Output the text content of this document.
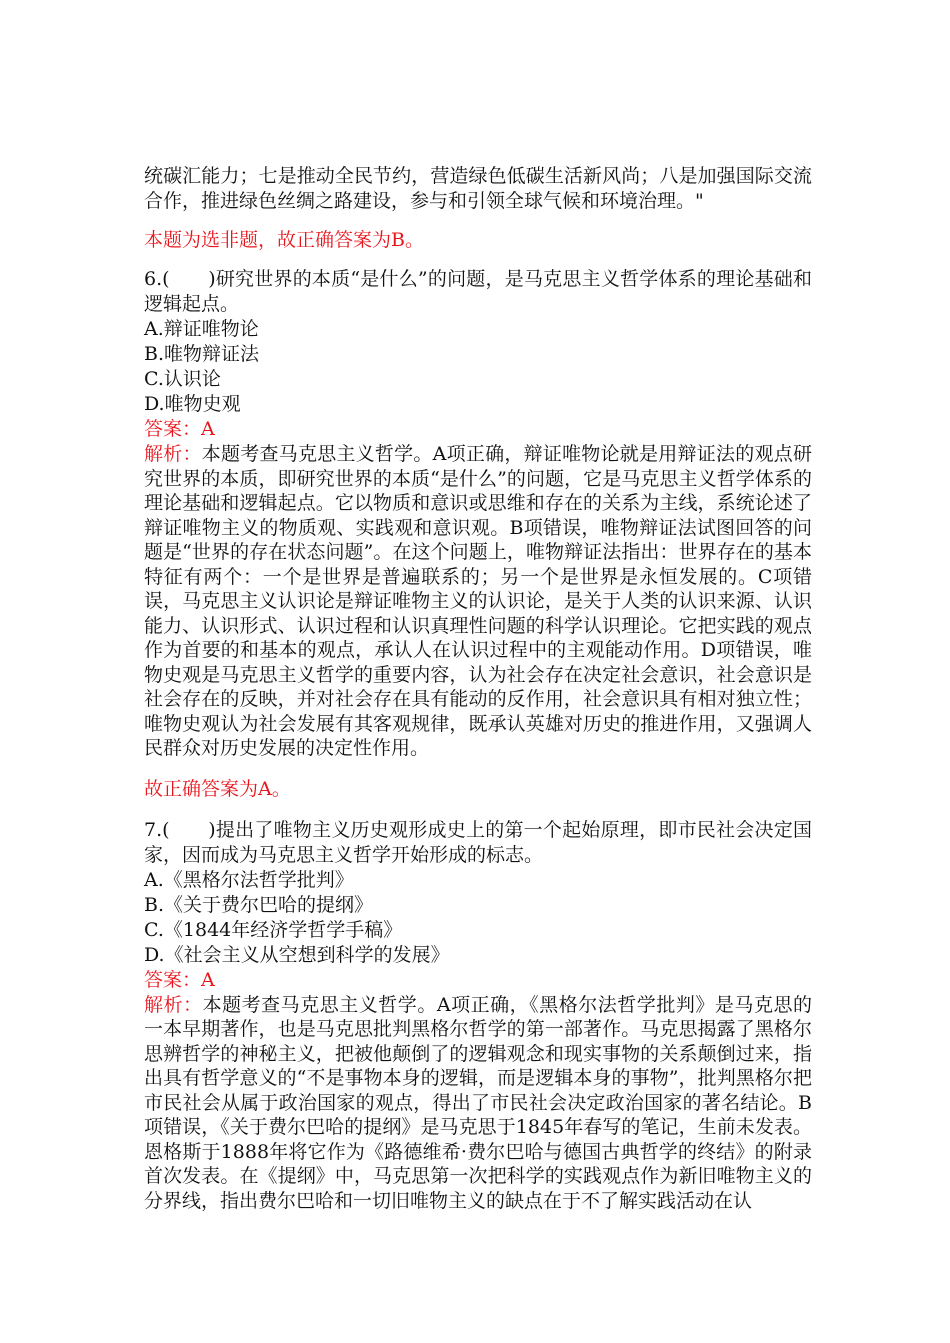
统碳汇能力；七是推动全民节约，营造绿色低碳生活新风尚；八是加强国际交流合作，推进绿色丝绸之路建设，参与和引领全球气候和环境治理。"

本题为选非题，故正确答案为B。

6.(　　)研究世界的本质“是什么”的问题，是马克思主义哲学体系的理论基础和逻辑起点。

A.辩证唯物论

B.唯物辩证法

C.认识论

D.唯物史观

答案：A

解析：本题考查马克思主义哲学。A项正确，辩证唯物论就是用辩证法的观点研究世界的本质，即研究世界的本质“是什么”的问题，它是马克思主义哲学体系的理论基础和逻辑起点。它以物质和意识或思维和存在的关系为主线，系统论述了辩证唯物主义的物质观、实践观和意识观。B项错误，唯物辩证法试图回答的问题是“世界的存在状态问题”。在这个问题上，唯物辩证法指出：世界存在的基本特征有两个：一个是世界是普遍联系的；另一个是世界是永恒发展的。C项错误，马克思主义认识论是辩证唯物主义的认识论，是关于人类的认识来源、认识能力、认识形式、认识过程和认识真理性问题的科学认识理论。它把实践的观点作为首要的和基本的观点，承认人在认识过程中的主观能动作用。D项错误，唯物史观是马克思主义哲学的重要内容，认为社会存在决定社会意识，社会意识是社会存在的反映，并对社会存在具有能动的反作用，社会意识具有相对独立性；唯物史观认为社会发展有其客观规律，既承认英雄对历史的推进作用，又强调人民群众对历史发展的决定性作用。

故正确答案为A。

7.(　　)提出了唯物主义历史观形成史上的第一个起始原理，即市民社会决定国家，因而成为马克思主义哲学开始形成的标志。

A.《黑格尔法哲学批判》

B.《关于费尔巴哈的提纲》

C.《1844年经济学哲学手稿》

D.《社会主义从空想到科学的发展》

答案：A

解析：本题考查马克思主义哲学。A项正确，《黑格尔法哲学批判》是马克思的一本早期著作，也是马克思批判黑格尔哲学的第一部著作。马克思揭露了黑格尔思辨哲学的神秘主义，把被他颠倒了的逻辑观念和现实事物的关系颠倒过来，指出具有哲学意义的“不是事物本身的逻辑，而是逻辑本身的事物”，批判黑格尔把市民社会从属于政治国家的观点，得出了市民社会决定政治国家的著名结论。B项错误，《关于费尔巴哈的提纲》是马克思于1845年春写的笔记，生前未发表。恩格斯于1888年将它作为《路德维希·费尔巴哈与德国古典哲学的终结》的附录首次发表。在《提纲》中，马克思第一次把科学的实践观点作为新旧唯物主义的分界线，指出费尔巴哈和一切旧唯物主义的缺点在于不了解实践活动在认
